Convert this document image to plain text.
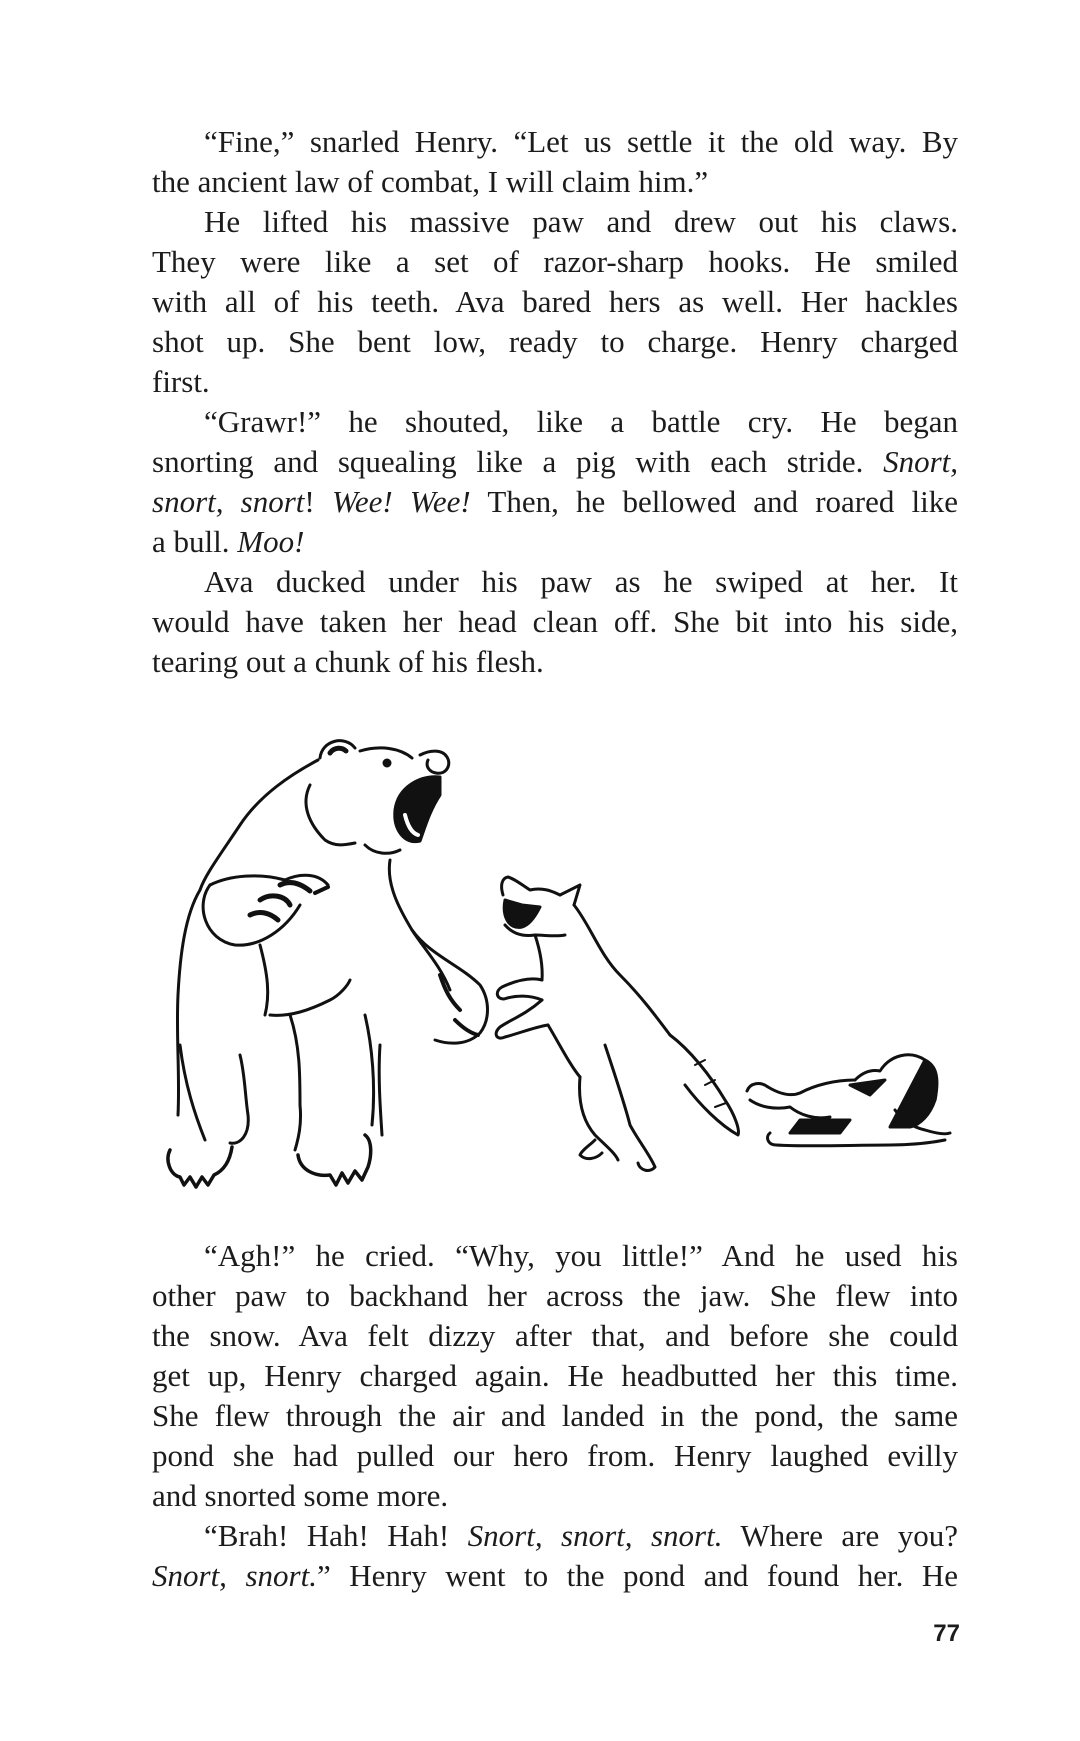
“Fine,” snarled Henry. “Let us settle it the old way. By
the ancient law of combat, I will claim him.”
He lifted his massive paw and drew out his claws.
They were like a set of razor-sharp hooks. He smiled
with all of his teeth. Ava bared hers as well. Her hackles
shot up. She bent low, ready to charge. Henry charged
first.
“Grawr!” he shouted, like a battle cry. He began
snorting and squealing like a pig with each stride. Snort,
snort, snort! Wee! Wee! Then, he bellowed and roared like
a bull. Moo!
Ava ducked under his paw as he swiped at her. It
would have taken her head clean off. She bit into his side,
tearing out a chunk of his flesh.
“Agh!” he cried. “Why, you little!” And he used his
other paw to backhand her across the jaw. She flew into
the snow. Ava felt dizzy after that, and before she could
get up, Henry charged again. He headbutted her this time.
She flew through the air and landed in the pond, the same
pond she had pulled our hero from. Henry laughed evilly
and snorted some more.
“Brah! Hah! Hah! Snort, snort, snort. Where are you?
Snort, snort.” Henry went to the pond and found her. He
77
